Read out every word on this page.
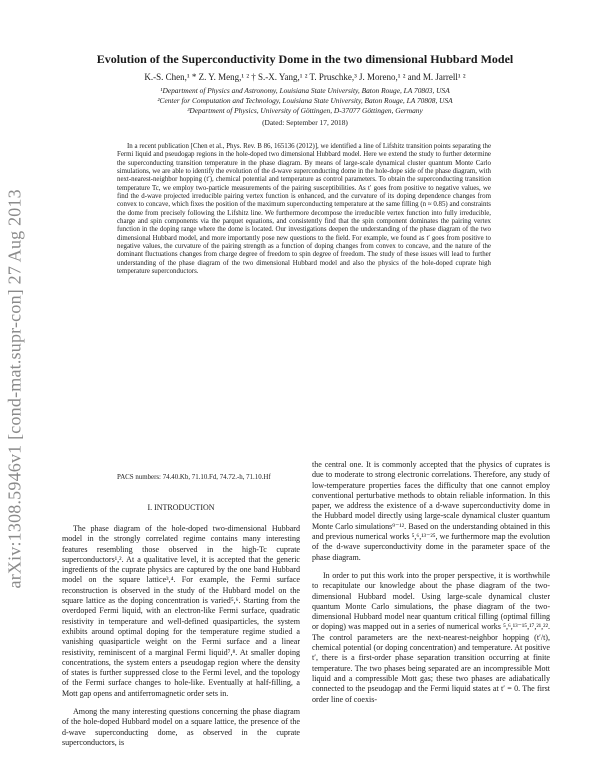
arXiv:1308.5946v1 [cond-mat.supr-con] 27 Aug 2013
Evolution of the Superconductivity Dome in the two dimensional Hubbard Model
K.-S. Chen,¹ * Z. Y. Meng,¹ ² † S.-X. Yang,¹ ² T. Pruschke,³ J. Moreno,¹ ² and M. Jarrell¹ ²
¹Department of Physics and Astronomy, Louisiana State University, Baton Rouge, LA 70803, USA
²Center for Computation and Technology, Louisiana State University, Baton Rouge, LA 70808, USA
³Department of Physics, University of Göttingen, D-37077 Göttingen, Germany
(Dated: September 17, 2018)
In a recent publication [Chen et al., Phys. Rev. B 86, 165136 (2012)], we identified a line of Lifshitz transition points separating the Fermi liquid and pseudogap regions in the hole-doped two dimensional Hubbard model. Here we extend the study to further determine the superconducting transition temperature in the phase diagram. By means of large-scale dynamical cluster quantum Monte Carlo simulations, we are able to identify the evolution of the d-wave superconducting dome in the hole-dope side of the phase diagram, with next-nearest-neighbor hopping (t′), chemical potential and temperature as control parameters. To obtain the superconducting transition temperature Tc, we employ two-particle measurements of the pairing susceptibilities. As t′ goes from positive to negative values, we find the d-wave projected irreducible pairing vertex function is enhanced, and the curvature of its doping dependence changes from convex to concave, which fixes the position of the maximum superconducting temperature at the same filling (n ≈ 0.85) and constraints the dome from precisely following the Lifshitz line. We furthermore decompose the irreducible vertex function into fully irreducible, charge and spin components via the parquet equations, and consistently find that the spin component dominates the pairing vertex function in the doping range where the dome is located. Our investigations deepen the understanding of the phase diagram of the two dimensional Hubbard model, and more importantly pose new questions to the field. For example, we found as t′ goes from positive to negative values, the curvature of the pairing strength as a function of doping changes from convex to concave, and the nature of the dominant fluctuations changes from charge degree of freedom to spin degree of freedom. The study of these issues will lead to further understanding of the phase diagram of the two dimensional Hubbard model and also the physics of the hole-doped cuprate high temperature superconductors.
PACS numbers: 74.40.Kb, 71.10.Fd, 74.72.-h, 71.10.Hf
I. INTRODUCTION

The phase diagram of the hole-doped two-dimensional Hubbard model in the strongly correlated regime contains many interesting features resembling those observed in the high-Tc cuprate superconductors¹,². At a qualitative level, it is accepted that the generic ingredients of the cuprate physics are captured by the one band Hubbard model on the square lattice³,⁴. For example, the Fermi surface reconstruction is observed in the study of the Hubbard model on the square lattice as the doping concentration is varied⁵,⁶. Starting from the overdoped Fermi liquid, with an electron-like Fermi surface, quadratic resistivity in temperature and well-defined quasiparticles, the system exhibits around optimal doping for the temperature regime studied a vanishing quasiparticle weight on the Fermi surface and a linear resistivity, reminiscent of a marginal Fermi liquid⁷,⁸. At smaller doping concentrations, the system enters a pseudogap region where the density of states is further suppressed close to the Fermi level, and the topology of the Fermi surface changes to hole-like. Eventually at half-filling, a Mott gap opens and antiferromagnetic order sets in.

Among the many interesting questions concerning the phase diagram of the hole-doped Hubbard model on a square lattice, the presence of the d-wave superconducting dome, as observed in the cuprate superconductors, is

the central one. It is commonly accepted that the physics of cuprates is due to moderate to strong electronic correlations. Therefore, any study of low-temperature properties faces the difficulty that one cannot employ conventional perturbative methods to obtain reliable information. In this paper, we address the existence of a d-wave superconductivity dome in the Hubbard model directly using large-scale dynamical cluster quantum Monte Carlo simulations⁹⁻¹². Based on the understanding obtained in this and previous numerical works ⁵,⁶,¹³⁻²⁵, we furthermore map the evolution of the d-wave superconductivity dome in the parameter space of the phase diagram.

In order to put this work into the proper perspective, it is worthwhile to recapitulate our knowledge about the phase diagram of the two-dimensional Hubbard model. Using large-scale dynamical cluster quantum Monte Carlo simulations, the phase diagram of the two-dimensional Hubbard model near quantum critical filling (optimal filling or doping) was mapped out in a series of numerical works ⁵,⁶,¹³⁻¹⁵,¹⁷,²¹,²². The control parameters are the next-nearest-neighbor hopping (t′/t), chemical potential (or doping concentration) and temperature. At positive t′, there is a first-order phase separation transition occurring at finite temperature. The two phases being separated are an incompressible Mott liquid and a compressible Mott gas; these two phases are adiabatically connected to the pseudogap and the Fermi liquid states at t′ = 0. The first order line of coexis-
